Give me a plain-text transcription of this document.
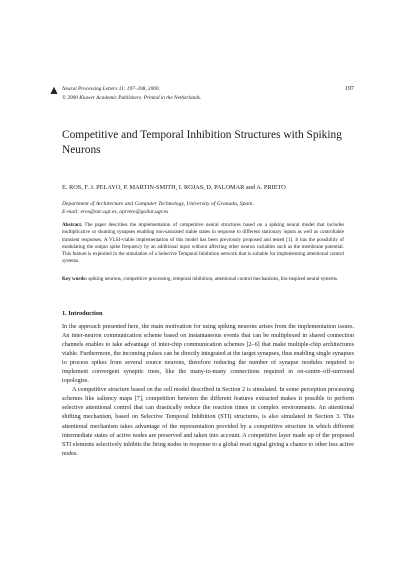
Neural Processing Letters 11: 197–208, 2000.
© 2000 Kluwer Academic Publishers. Printed in the Netherlands.
197
Competitive and Temporal Inhibition Structures with Spiking Neurons
E. ROS, F. J. PELAYO, P. MARTIN-SMITH, I. ROJAS, D. PALOMAR and A. PRIETO
Department of Architecture and Computer Technology, University of Granada, Spain.
E-mail: eros@atc.ugr.es, aprieto@goliat.ugr.es
Abstract. The paper describes the implementation of competitive neural structures based on a spiking neural model that includes multiplicative or shunting synapses enabling non-saturated stable states in response to different stationary inputs as well as controllable transient responses. A VLSI-viable implementation of this model has been previously proposed and tested [1]. It has the possibility of modulating the output spike frequency by an additional input without affecting other neuron variables such as the membrane potential. This feature is exploited in the simulation of a Selective Temporal Inhibition network that is suitable for implementing attentional control systems.
Key words: spiking neurons, competitive processing, temporal inhibition, attentional control mechanisms, bio-inspired neural systems.
1. Introduction

In the approach presented here, the main motivation for using spiking neurons arises from the implementation issues. An inter-neuron communication scheme based on instantaneous events that can be multiplexed in shared connection channels enables to take advantage of inter-chip communication schemes [2–6] that make multiple-chip architectures viable. Furthermore, the incoming pulses can be directly integrated at the target synapses, thus enabling single synapses to process spikes from several source neurons, therefore reducing the number of synapse modules required to implement convergent synaptic trees, like the many-to-many connections required in on-centre–off-surround topologies.

A competitive structure based on the cell model described in Section 2 is simulated. In some perception processing schemes like saliency maps [7], competition between the different features extracted makes it possible to perform selective attentional control that can drastically reduce the reaction times in complex environments. An attentional shifting mechanism, based on Selective Temporal Inhibition (STI) structures, is also simulated in Section 3. This attentional mechanism takes advantage of the representation provided by a competitive structure in which different intermediate states of active nodes are preserved and taken into account. A competitive layer made up of the proposed STI elements selectively inhibits the firing nodes in response to a global reset signal giving a chance to other less active nodes.
